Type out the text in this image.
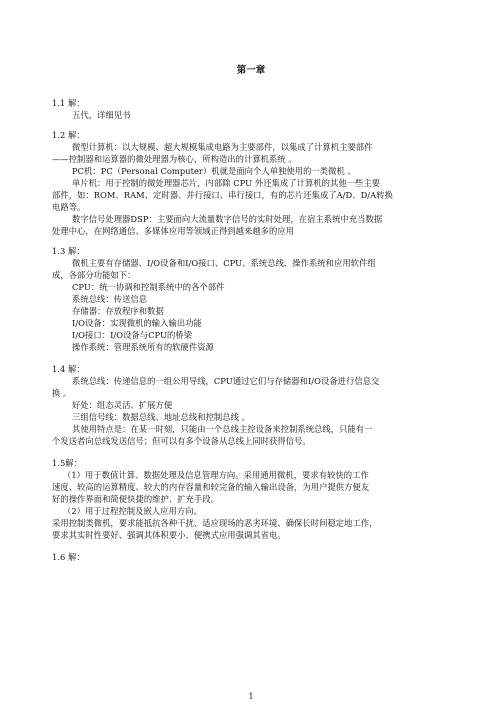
第一章
1.1 解：
五代，详细见书
1.2 解：
微型计算机：以大规模、超大规模集成电路为主要部件，以集成了计算机主要部件
——控制器和运算器的微处理器为核心，所构造出的计算机系统 。
PC机：PC（Personal Computer）机就是面向个人单独使用的一类微机 。
单片机：用于控制的微处理器芯片，内部除 CPU 外还集成了计算机的其他一些主要
部件，如：ROM、RAM、定时器、并行接口、串行接口，有的芯片还集成了A/D、D/A转换
电路等。
数字信号处理器DSP：主要面向大流量数字信号的实时处理，在宿主系统中充当数据
处理中心，在网络通信、多媒体应用等领域正得到越来越多的应用
1.3 解：
微机主要有存储器、I/O设备和I/O接口、CPU、系统总线、操作系统和应用软件组
成，各部分功能如下：
CPU：统一协调和控制系统中的各个部件
系统总线：传送信息
存储器：存放程序和数据
I/O设备：实现微机的输入输出功能
I/O接口：I/O设备与CPU的桥梁
操作系统：管理系统所有的软硬件资源
1.4 解：
系统总线：传递信息的一组公用导线，CPU通过它们与存储器和I/O设备进行信息交
换 。
好处：组态灵活、扩展方便
三组信号线：数据总线、地址总线和控制总线 。
其使用特点是：在某一时刻，只能由一个总线主控设备来控制系统总线，只能有一
个发送者向总线发送信号；但可以有多个设备从总线上同时获得信号。
1.5解：
（1）用于数值计算、数据处理及信息管理方向。采用通用微机，要求有较快的工作
速度、较高的运算精度、较大的内存容量和较完备的输入输出设备，为用户提供方便友
好的操作界面和简便快捷的维护、扩充手段。
（2）用于过程控制及嵌人应用方向。
采用控制类微机，要求能抵抗各种干扰、适应现场的恶劣环境、确保长时间稳定地工作，
要求其实时性要好、强调其体积要小、便携式应用强调其省电。
1.6 解：
1
